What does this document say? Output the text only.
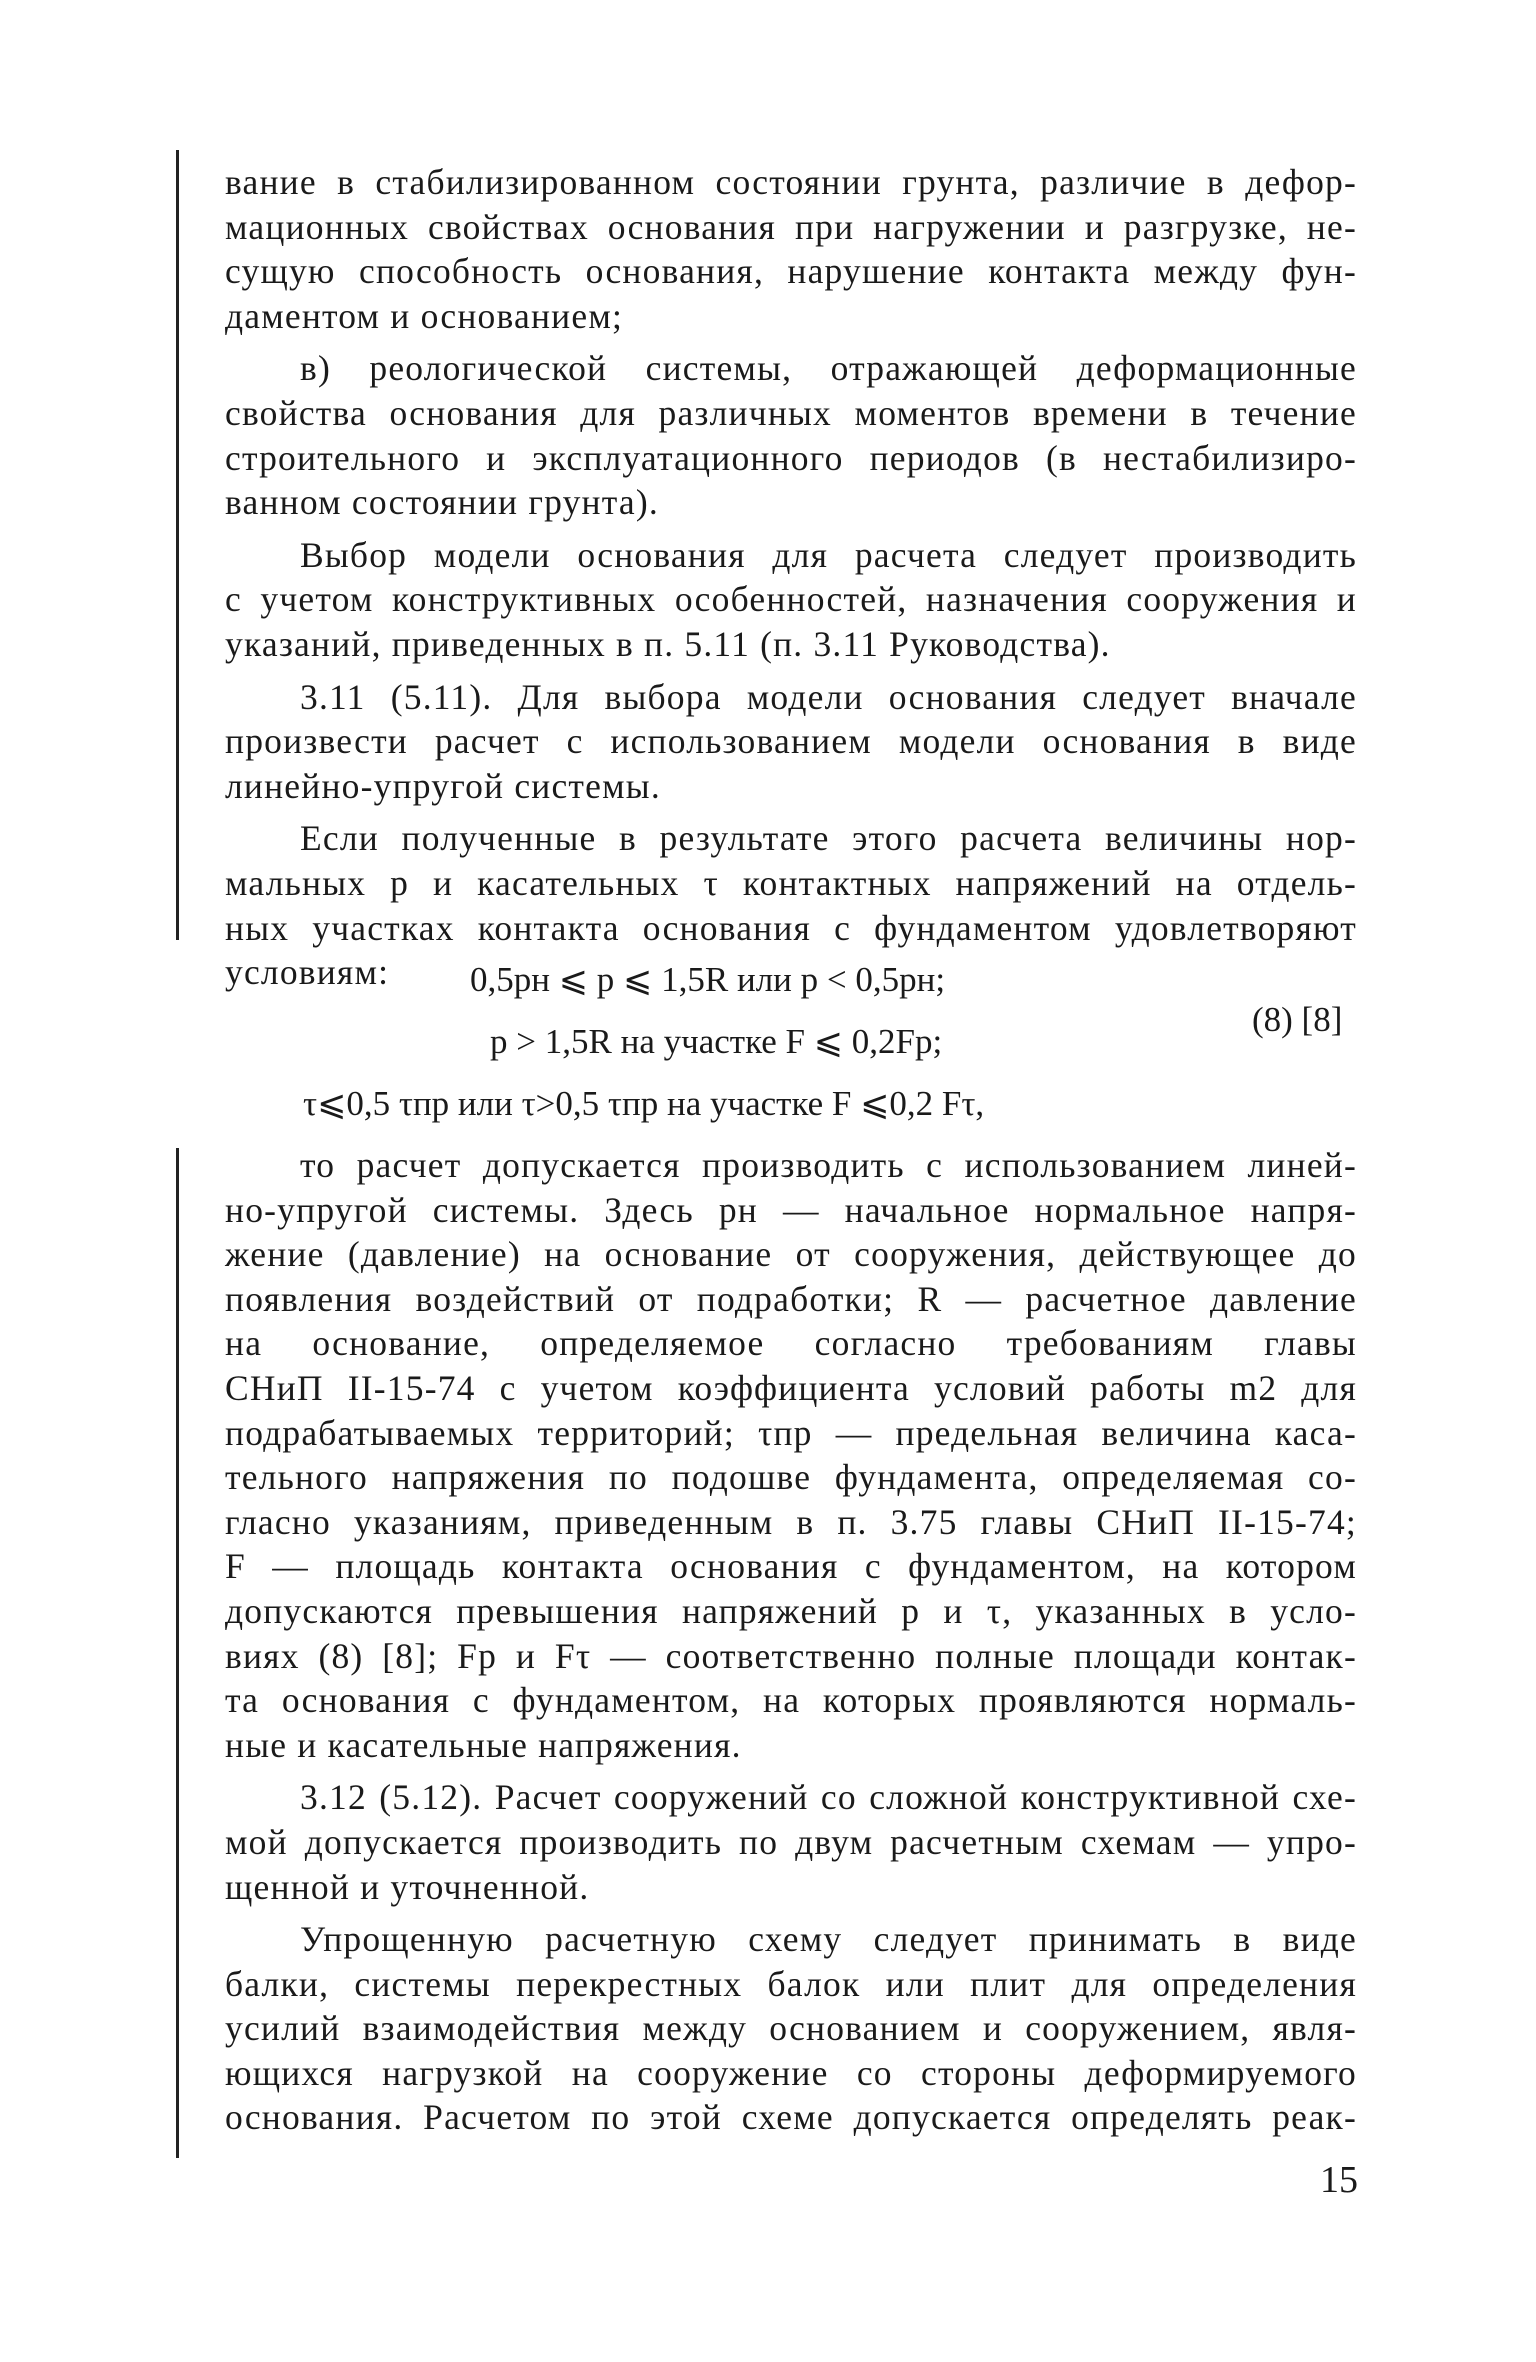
вание в стабилизированном состоянии грунта, различие в дефор-
мационных свойствах основания при нагружении и разгрузке, не-
сущую способность основания, нарушение контакта между фун-
даментом и основанием;

в) реологической системы, отражающей деформационные
свойства основания для различных моментов времени в течение
строительного и эксплуатационного периодов (в нестабилизиро-
ванном состоянии грунта).

Выбор модели основания для расчета следует производить
с учетом конструктивных особенностей, назначения сооружения и
указаний, приведенных в п. 5.11 (п. 3.11 Руководства).

3.11 (5.11). Для выбора модели основания следует вначале
произвести расчет с использованием модели основания в виде
линейно-упругой системы.

Если полученные в результате этого расчета величины нор-
мальных p и касательных τ контактных напряжений на отдель-
ных участках контакта основания с фундаментом удовлетворяют
условиям:	0,5pн ⩽ p ⩽ 1,5R или p < 0,5pн;
p > 1,5R на участке F ⩽ 0,2Fр;
τ⩽0,5 τпр или τ>0,5 τпр на участке F ⩽0,2 Fτ,
(8) [8]

то расчет допускается производить с использованием линей-
но-упругой системы. Здесь pн — начальное нормальное напря-
жение (давление) на основание от сооружения, действующее до
появления воздействий от подработки; R — расчетное давление
на основание, определяемое согласно требованиям главы
СНиП II-15-74 с учетом коэффициента условий работы m2 для
подрабатываемых территорий; τпр — предельная величина каса-
тельного напряжения по подошве фундамента, определяемая со-
гласно указаниям, приведенным в п. 3.75 главы СНиП II-15-74;
F — площадь контакта основания с фундаментом, на котором
допускаются превышения напряжений p и τ, указанных в усло-
виях (8) [8]; Fр и Fτ — соответственно полные площади контак-
та основания с фундаментом, на которых проявляются нормаль-
ные и касательные напряжения.

3.12 (5.12). Расчет сооружений со сложной конструктивной схе-
мой допускается производить по двум расчетным схемам — упро-
щенной и уточненной.

Упрощенную расчетную схему следует принимать в виде
балки, системы перекрестных балок или плит для определения
усилий взаимодействия между основанием и сооружением, явля-
ющихся нагрузкой на сооружение со стороны деформируемого
основания. Расчетом по этой схеме допускается определять реак-

15
